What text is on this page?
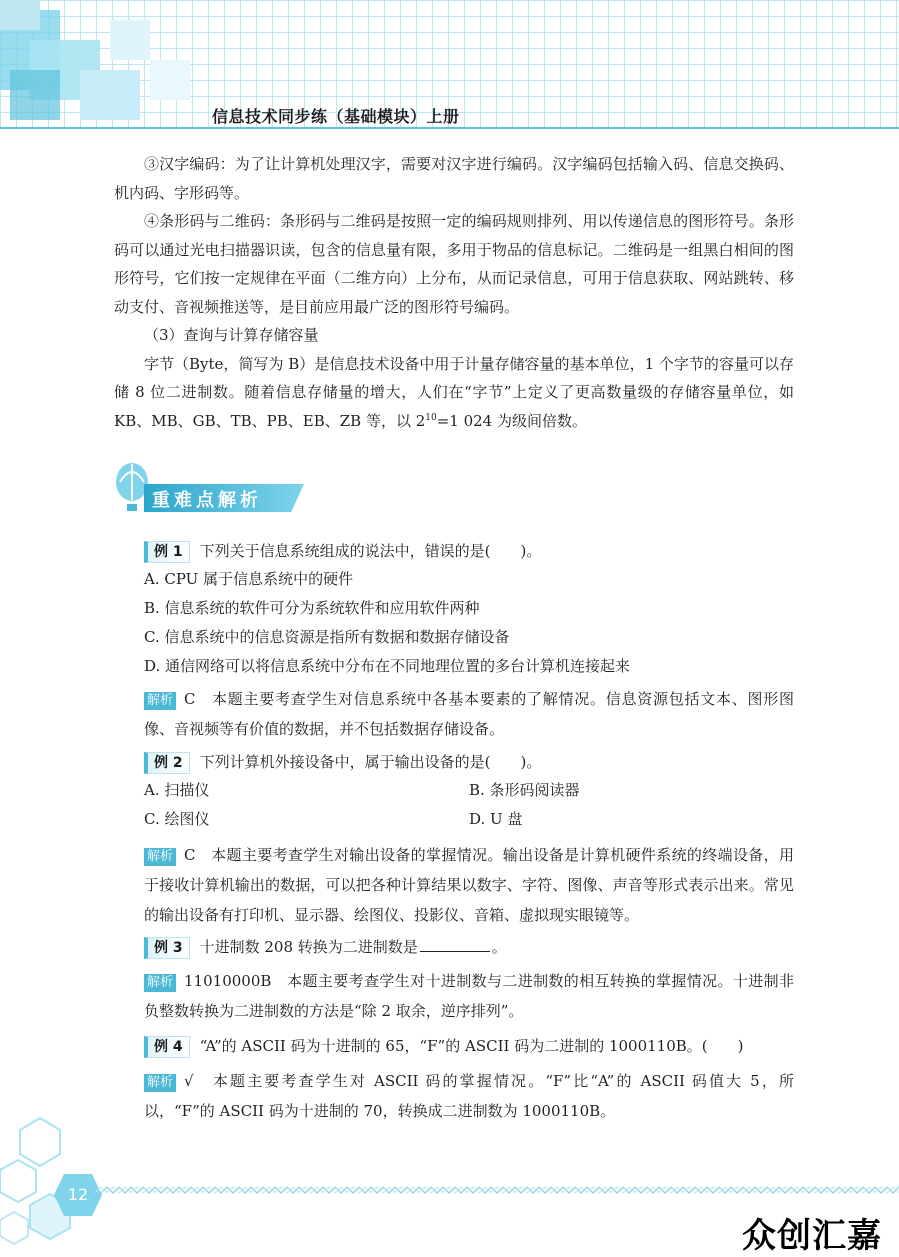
信息技术同步练（基础模块）上册

③汉字编码：为了让计算机处理汉字，需要对汉字进行编码。汉字编码包括输入码、信息交换码、机内码、字形码等。

④条形码与二维码：条形码与二维码是按照一定的编码规则排列、用以传递信息的图形符号。条形码可以通过光电扫描器识读，包含的信息量有限，多用于物品的信息标记。二维码是一组黑白相间的图形符号，它们按一定规律在平面（二维方向）上分布，从而记录信息，可用于信息获取、网站跳转、移动支付、音视频推送等，是目前应用最广泛的图形符号编码。

（3）查询与计算存储容量

字节（Byte，简写为 B）是信息技术设备中用于计量存储容量的基本单位，1 个字节的容量可以存储 8 位二进制数。随着信息存储量的增大，人们在“字节”上定义了更高数量级的存储容量单位，如 KB、MB、GB、TB、PB、EB、ZB 等，以 $2^{10}=1$ 024 为级间倍数。

重难点解析
例 1 下列关于信息系统组成的说法中，错误的是(　　)。
A. CPU 属于信息系统中的硬件
B. 信息系统的软件可分为系统软件和应用软件两种
C. 信息系统中的信息资源是指所有数据和数据存储设备
D. 通信网络可以将信息系统中分布在不同地理位置的多台计算机连接起来
解析 C　本题主要考查学生对信息系统中各基本要素的了解情况。信息资源包括文本、图形图像、音视频等有价值的数据，并不包括数据存储设备。
例 2 下列计算机外接设备中，属于输出设备的是(　　)。
A. 扫描仪	B. 条形码阅读器
C. 绘图仪	D. U 盘
解析 C　本题主要考查学生对输出设备的掌握情况。输出设备是计算机硬件系统的终端设备，用于接收计算机输出的数据，可以把各种计算结果以数字、字符、图像、声音等形式表示出来。常见的输出设备有打印机、显示器、绘图仪、投影仪、音箱、虚拟现实眼镜等。
例 3 十进制数 208 转换为二进制数是	。
解析 11010000B　本题主要考查学生对十进制数与二进制数的相互转换的掌握情况。十进制非负整数转换为二进制数的方法是“除 2 取余，逆序排列”。
例 4 “A”的 ASCII 码为十进制的 65，“F”的 ASCII 码为二进制的 1000110B。(　　)
解析 √　本题主要考查学生对 ASCII 码的掌握情况。“F”比“A”的 ASCII 码值大 5，所以，“F”的 ASCII 码为十进制的 70，转换成二进制数为 1000110B。
12
众创汇嘉
